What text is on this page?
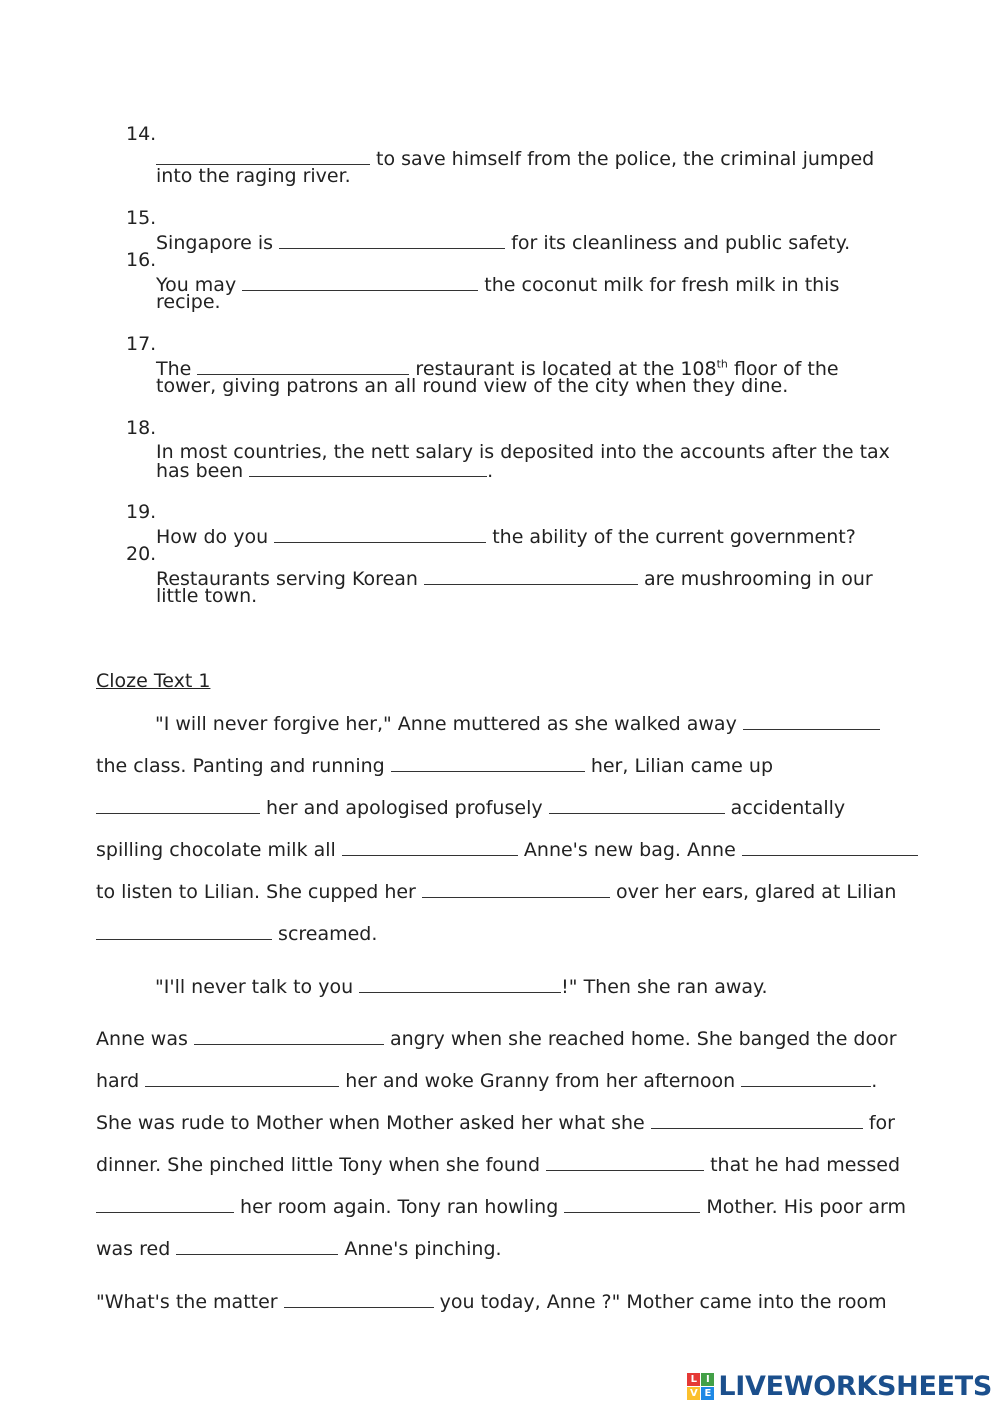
14.

to save himself from the police, the criminal jumped

into the raging river.

15.

Singapore is	for its cleanliness and public safety.

16.

You may	the coconut milk for fresh milk in this

recipe.

17.

The	restaurant is located at the 108th floor of the

tower, giving patrons an all round view of the city when they dine.

18.

In most countries, the nett salary is deposited into the accounts after the tax

has been	.

19.

How do you	the ability of the current government?

20.

Restaurants serving Korean	are mushrooming in our

little town.

Cloze Text 1

"I will never forgive her," Anne muttered as she walked away

the class. Panting and running	her, Lilian came up

her and apologised profusely	accidentally

spilling chocolate milk all	Anne's new bag. Anne

to listen to Lilian. She cupped her	over her ears, glared at Lilian

screamed.

"I'll never talk to you	!" Then she ran away.

Anne was	angry when she reached home. She banged the door

hard	her and woke Granny from her afternoon	.

She was rude to Mother when Mother asked her what she	for

dinner. She pinched little Tony when she found	that he had messed

her room again. Tony ran howling	Mother. His poor arm

was red	Anne's pinching.

"What's the matter	you today, Anne ?" Mother came into the room

L I
V E LIVEWORKSHEETS
